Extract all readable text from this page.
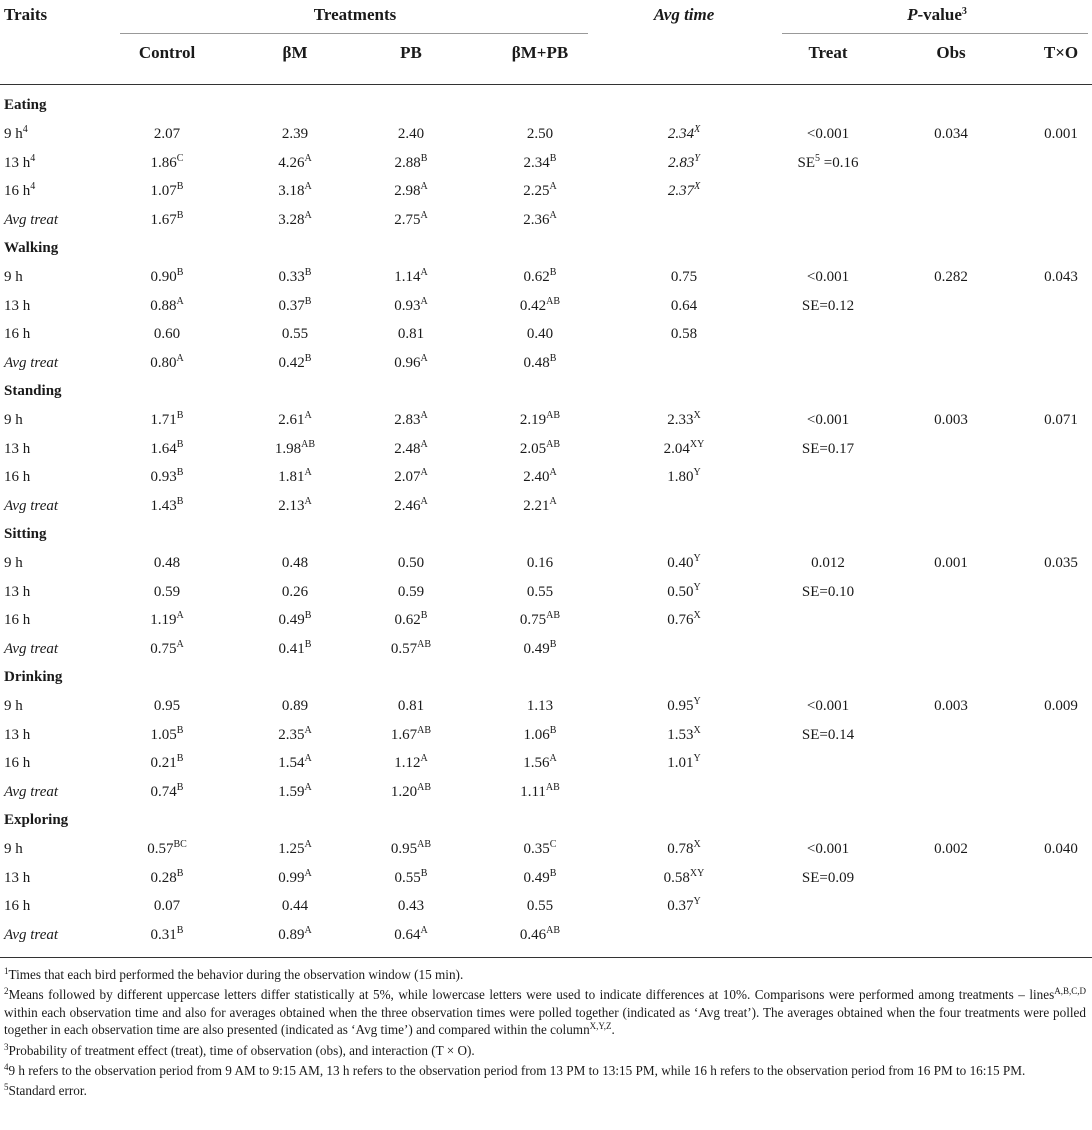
Traits	Treatments	Avg time	P-value$^3$
Control	βM	PB	βM+PB	Treat	Obs	T×O
Eating
9 $h^4$	2.07	2.39	2.40	2.50	$2.34^X$	<0.001	0.034	0.001
13 $h^4$	$1.86^C$	$4.26^A$	$2.88^B$	$2.34^B$	$2.83^Y$	$SE^5 =0.16$
16 $h^4$	$1.07^B$	$3.18^A$	$2.98^A$	$2.25^A$	$2.37^X$
Avg treat	$1.67^B$	$3.28^A$	$2.75^A$	$2.36^A$
Walking
9 h	$0.90^B$	$0.33^B$	$1.14^A$	$0.62^B$	0.75	<0.001	0.282	0.043
13 h	$0.88^A$	$0.37^B$	$0.93^A$	$0.42^{AB}$	0.64	SE=0.12
16 h	0.60	0.55	0.81	0.40	0.58
Avg treat	$0.80^A$	$0.42^B$	$0.96^A$	$0.48^B$
Standing
9 h	$1.71^B$	$2.61^A$	$2.83^A$	$2.19^{AB}$	$2.33^X$	<0.001	0.003	0.071
13 h	$1.64^B$	$1.98^{AB}$	$2.48^A$	$2.05^{AB}$	$2.04^{XY}$	SE=0.17
16 h	$0.93^B$	$1.81^A$	$2.07^A$	$2.40^A$	$1.80^Y$
Avg treat	$1.43^B$	$2.13^A$	$2.46^A$	$2.21^A$
Sitting
9 h	0.48	0.48	0.50	0.16	$0.40^Y$	0.012	0.001	0.035
13 h	0.59	0.26	0.59	0.55	$0.50^Y$	SE=0.10
16 h	$1.19^A$	$0.49^B$	$0.62^B$	$0.75^{AB}$	$0.76^X$
Avg treat	$0.75^A$	$0.41^B$	$0.57^{AB}$	$0.49^B$
Drinking
9 h	0.95	0.89	0.81	1.13	$0.95^Y$	<0.001	0.003	0.009
13 h	$1.05^B$	$2.35^A$	$1.67^{AB}$	$1.06^B$	$1.53^X$	SE=0.14
16 h	$0.21^B$	$1.54^A$	$1.12^A$	$1.56^A$	$1.01^Y$
Avg treat	$0.74^B$	$1.59^A$	$1.20^{AB}$	$1.11^{AB}$
Exploring
9 h	$0.57^{BC}$	$1.25^A$	$0.95^{AB}$	$0.35^C$	$0.78^X$	<0.001	0.002	0.040
13 h	$0.28^B$	$0.99^A$	$0.55^B$	$0.49^B$	$0.58^{XY}$	SE=0.09
16 h	0.07	0.44	0.43	0.55	$0.37^Y$
Avg treat	$0.31^B$	$0.89^A$	$0.64^A$	$0.46^{AB}$
$^1$Times that each bird performed the behavior during the observation window (15 min).
$^2$Means followed by different uppercase letters differ statistically at 5%, while lowercase letters were used to indicate differences at 10%. Comparisons were performed among treatments – lines$^{A,B,C,D}$ within each observation time and also for averages obtained when the three observation times were polled together (indicated as ‘Avg treat’). The averages obtained when the four treatments were polled together in each observation time are also presented (indicated as ‘Avg time’) and compared within the column$^{X,Y,Z}$.
$^3$Probability of treatment effect (treat), time of observation (obs), and interaction (T × O).
$^4$9 h refers to the observation period from 9 AM to 9:15 AM, 13 h refers to the observation period from 13 PM to 13:15 PM, while 16 h refers to the observation period from 16 PM to 16:15 PM.
$^5$Standard error.
